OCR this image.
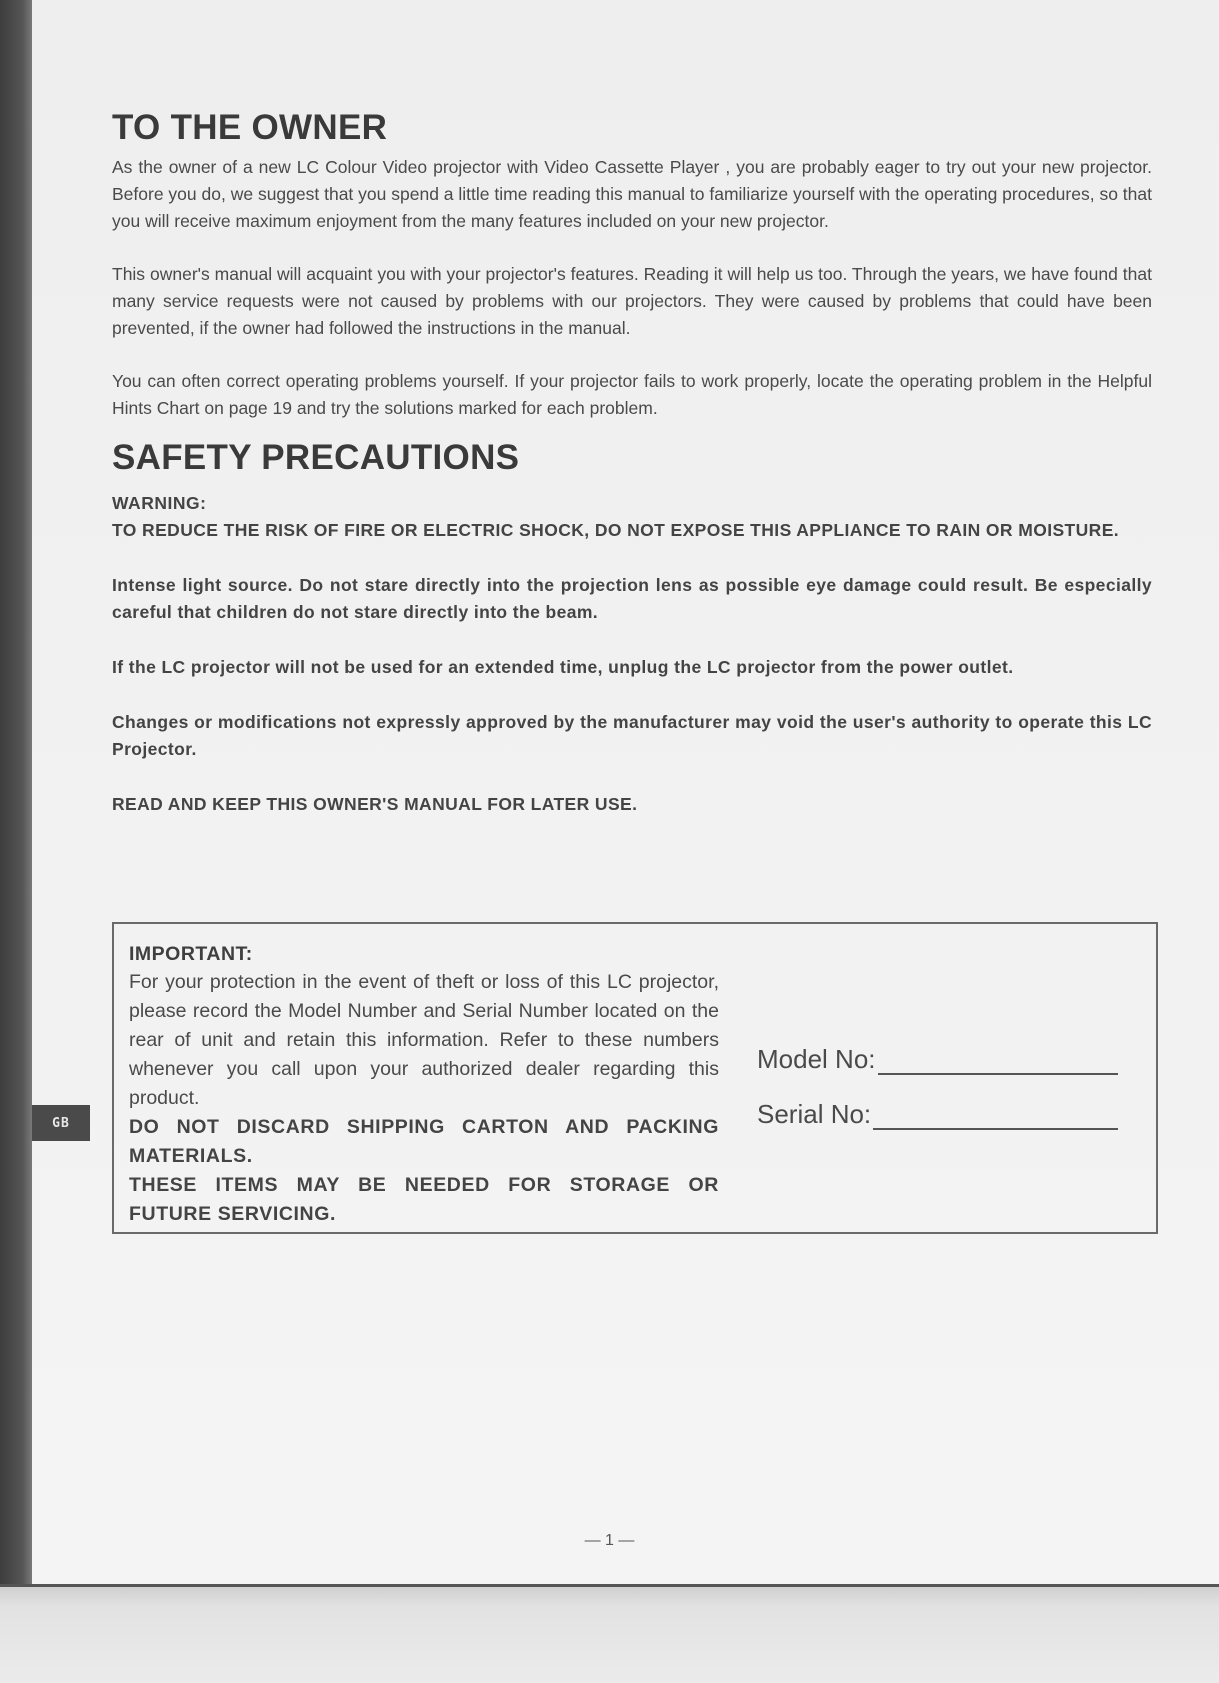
GB
TO THE OWNER

As the owner of a new LC Colour Video projector with Video Cassette Player , you are probably eager to try out your new projector. Before you do, we suggest that you spend a little time reading this manual to familiarize yourself with the operating procedures, so that you will receive maximum enjoyment from the many features included on your new projector.

This owner's manual will acquaint you with your projector's features. Reading it will help us too. Through the years, we have found that many service requests were not caused by problems with our projectors. They were caused by problems that could have been prevented, if the owner had followed the instructions in the manual.

You can often correct operating problems yourself. If your projector fails to work properly, locate the operating problem in the Helpful Hints Chart on page 19 and try the solutions marked for each problem.

SAFETY PRECAUTIONS
WARNING:

TO REDUCE THE RISK OF FIRE OR ELECTRIC SHOCK, DO NOT EXPOSE THIS APPLIANCE TO RAIN OR MOISTURE.

Intense light source. Do not stare directly into the projection lens as possible eye damage could result. Be especially careful that children do not stare directly into the beam.

If the LC projector will not be used for an extended time, unplug the LC projector from the power outlet.

Changes or modifications not expressly approved by the manufacturer may void the user's authority to operate this LC Projector.

READ AND KEEP THIS OWNER'S MANUAL FOR LATER USE.

IMPORTANT:
For your protection in the event of theft or loss of this LC projector, please record the Model Number and Serial Number located on the rear of unit and retain this information. Refer to these numbers whenever you call upon your authorized dealer regarding this product.
DO NOT DISCARD SHIPPING CARTON AND PACKING MATERIALS.
THESE ITEMS MAY BE NEEDED FOR STORAGE OR FUTURE SERVICING.
Model No:
Serial No:
— 1 —
